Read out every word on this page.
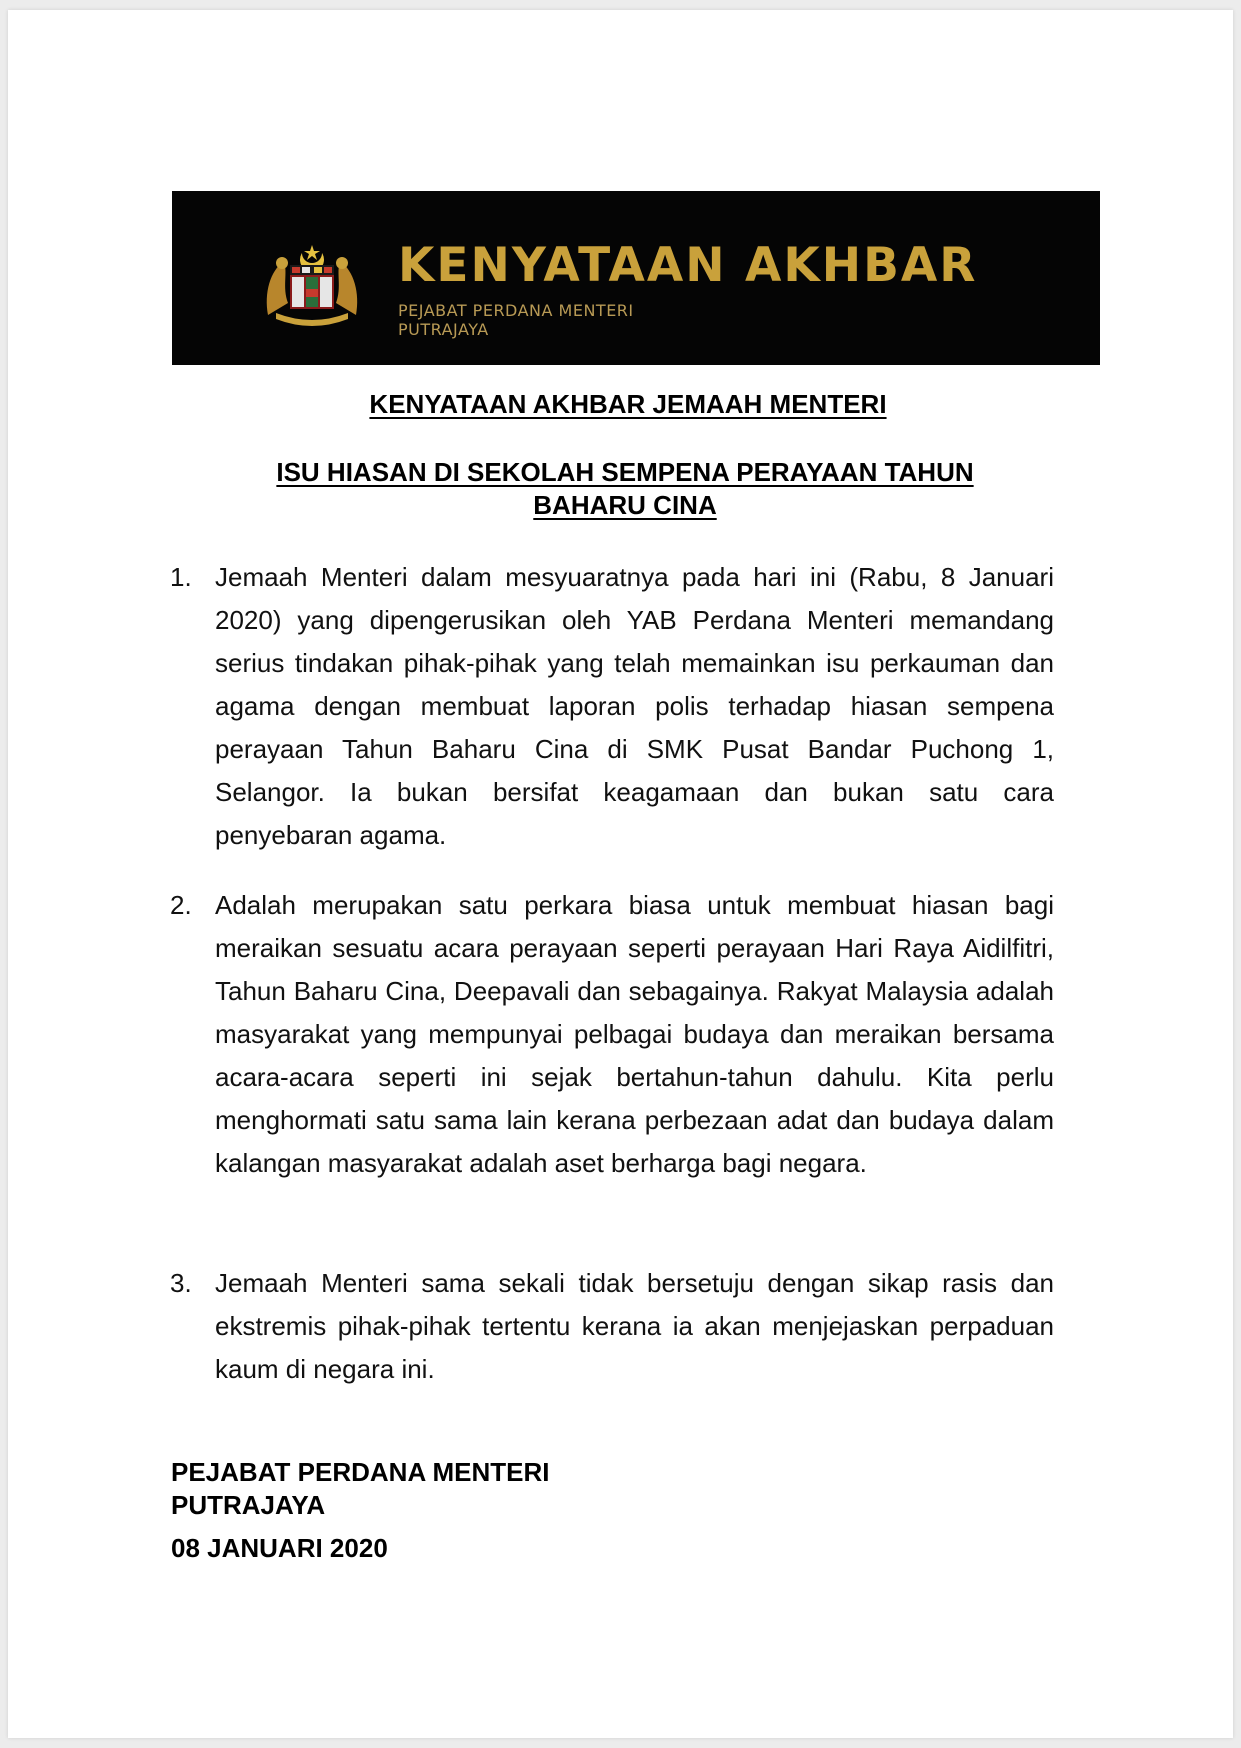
KENYATAAN AKHBAR
PEJABAT PERDANA MENTERI
PUTRAJAYA
KENYATAAN AKHBAR JEMAAH MENTERI
ISU HIASAN DI SEKOLAH SEMPENA PERAYAAN TAHUN BAHARU CINA
1. Jemaah Menteri dalam mesyuaratnya pada hari ini (Rabu, 8 Januari 2020) yang dipengerusikan oleh YAB Perdana Menteri memandang serius tindakan pihak-pihak yang telah memainkan isu perkauman dan agama dengan membuat laporan polis terhadap hiasan sempena perayaan Tahun Baharu Cina di SMK Pusat Bandar Puchong 1, Selangor. Ia bukan bersifat keagamaan dan bukan satu cara penyebaran agama.
2. Adalah merupakan satu perkara biasa untuk membuat hiasan bagi meraikan sesuatu acara perayaan seperti perayaan Hari Raya Aidilfitri, Tahun Baharu Cina, Deepavali dan sebagainya. Rakyat Malaysia adalah masyarakat yang mempunyai pelbagai budaya dan meraikan bersama acara-acara seperti ini sejak bertahun-tahun dahulu. Kita perlu menghormati satu sama lain kerana perbezaan adat dan budaya dalam kalangan masyarakat adalah aset berharga bagi negara.
3. Jemaah Menteri sama sekali tidak bersetuju dengan sikap rasis dan ekstremis pihak-pihak tertentu kerana ia akan menjejaskan perpaduan kaum di negara ini.
PEJABAT PERDANA MENTERI
PUTRAJAYA
08 JANUARI 2020
